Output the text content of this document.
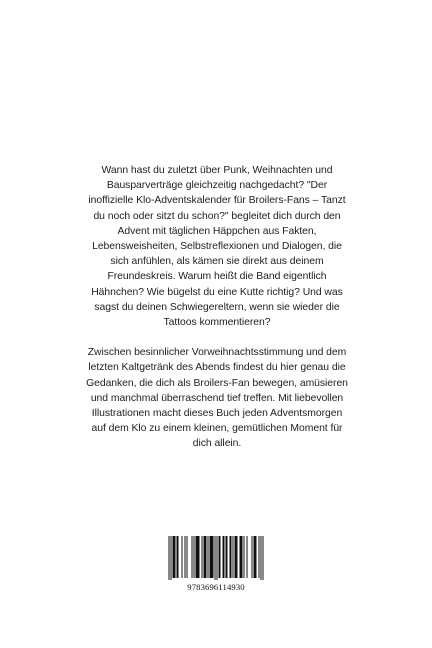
Wann hast du zuletzt über Punk, Weihnachten und Bausparverträge gleichzeitig nachgedacht? "Der inoffizielle Klo-Adventskalender für Broilers-Fans – Tanzt du noch oder sitzt du schon?" begleitet dich durch den Advent mit täglichen Häppchen aus Fakten, Lebensweisheiten, Selbstreflexionen und Dialogen, die sich anfühlen, als kämen sie direkt aus deinem Freundeskreis. Warum heißt die Band eigentlich Hähnchen? Wie bügelst du eine Kutte richtig? Und was sagst du deinen Schwiegereltern, wenn sie wieder die Tattoos kommentieren?

Zwischen besinnlicher Vorweihnachtsstimmung und dem letzten Kaltgetränk des Abends findest du hier genau die Gedanken, die dich als Broilers-Fan bewegen, amüsieren und manchmal überraschend tief treffen. Mit liebevollen Illustrationen macht dieses Buch jeden Adventsmorgen auf dem Klo zu einem kleinen, gemütlichen Moment für dich allein.

9783696114930
